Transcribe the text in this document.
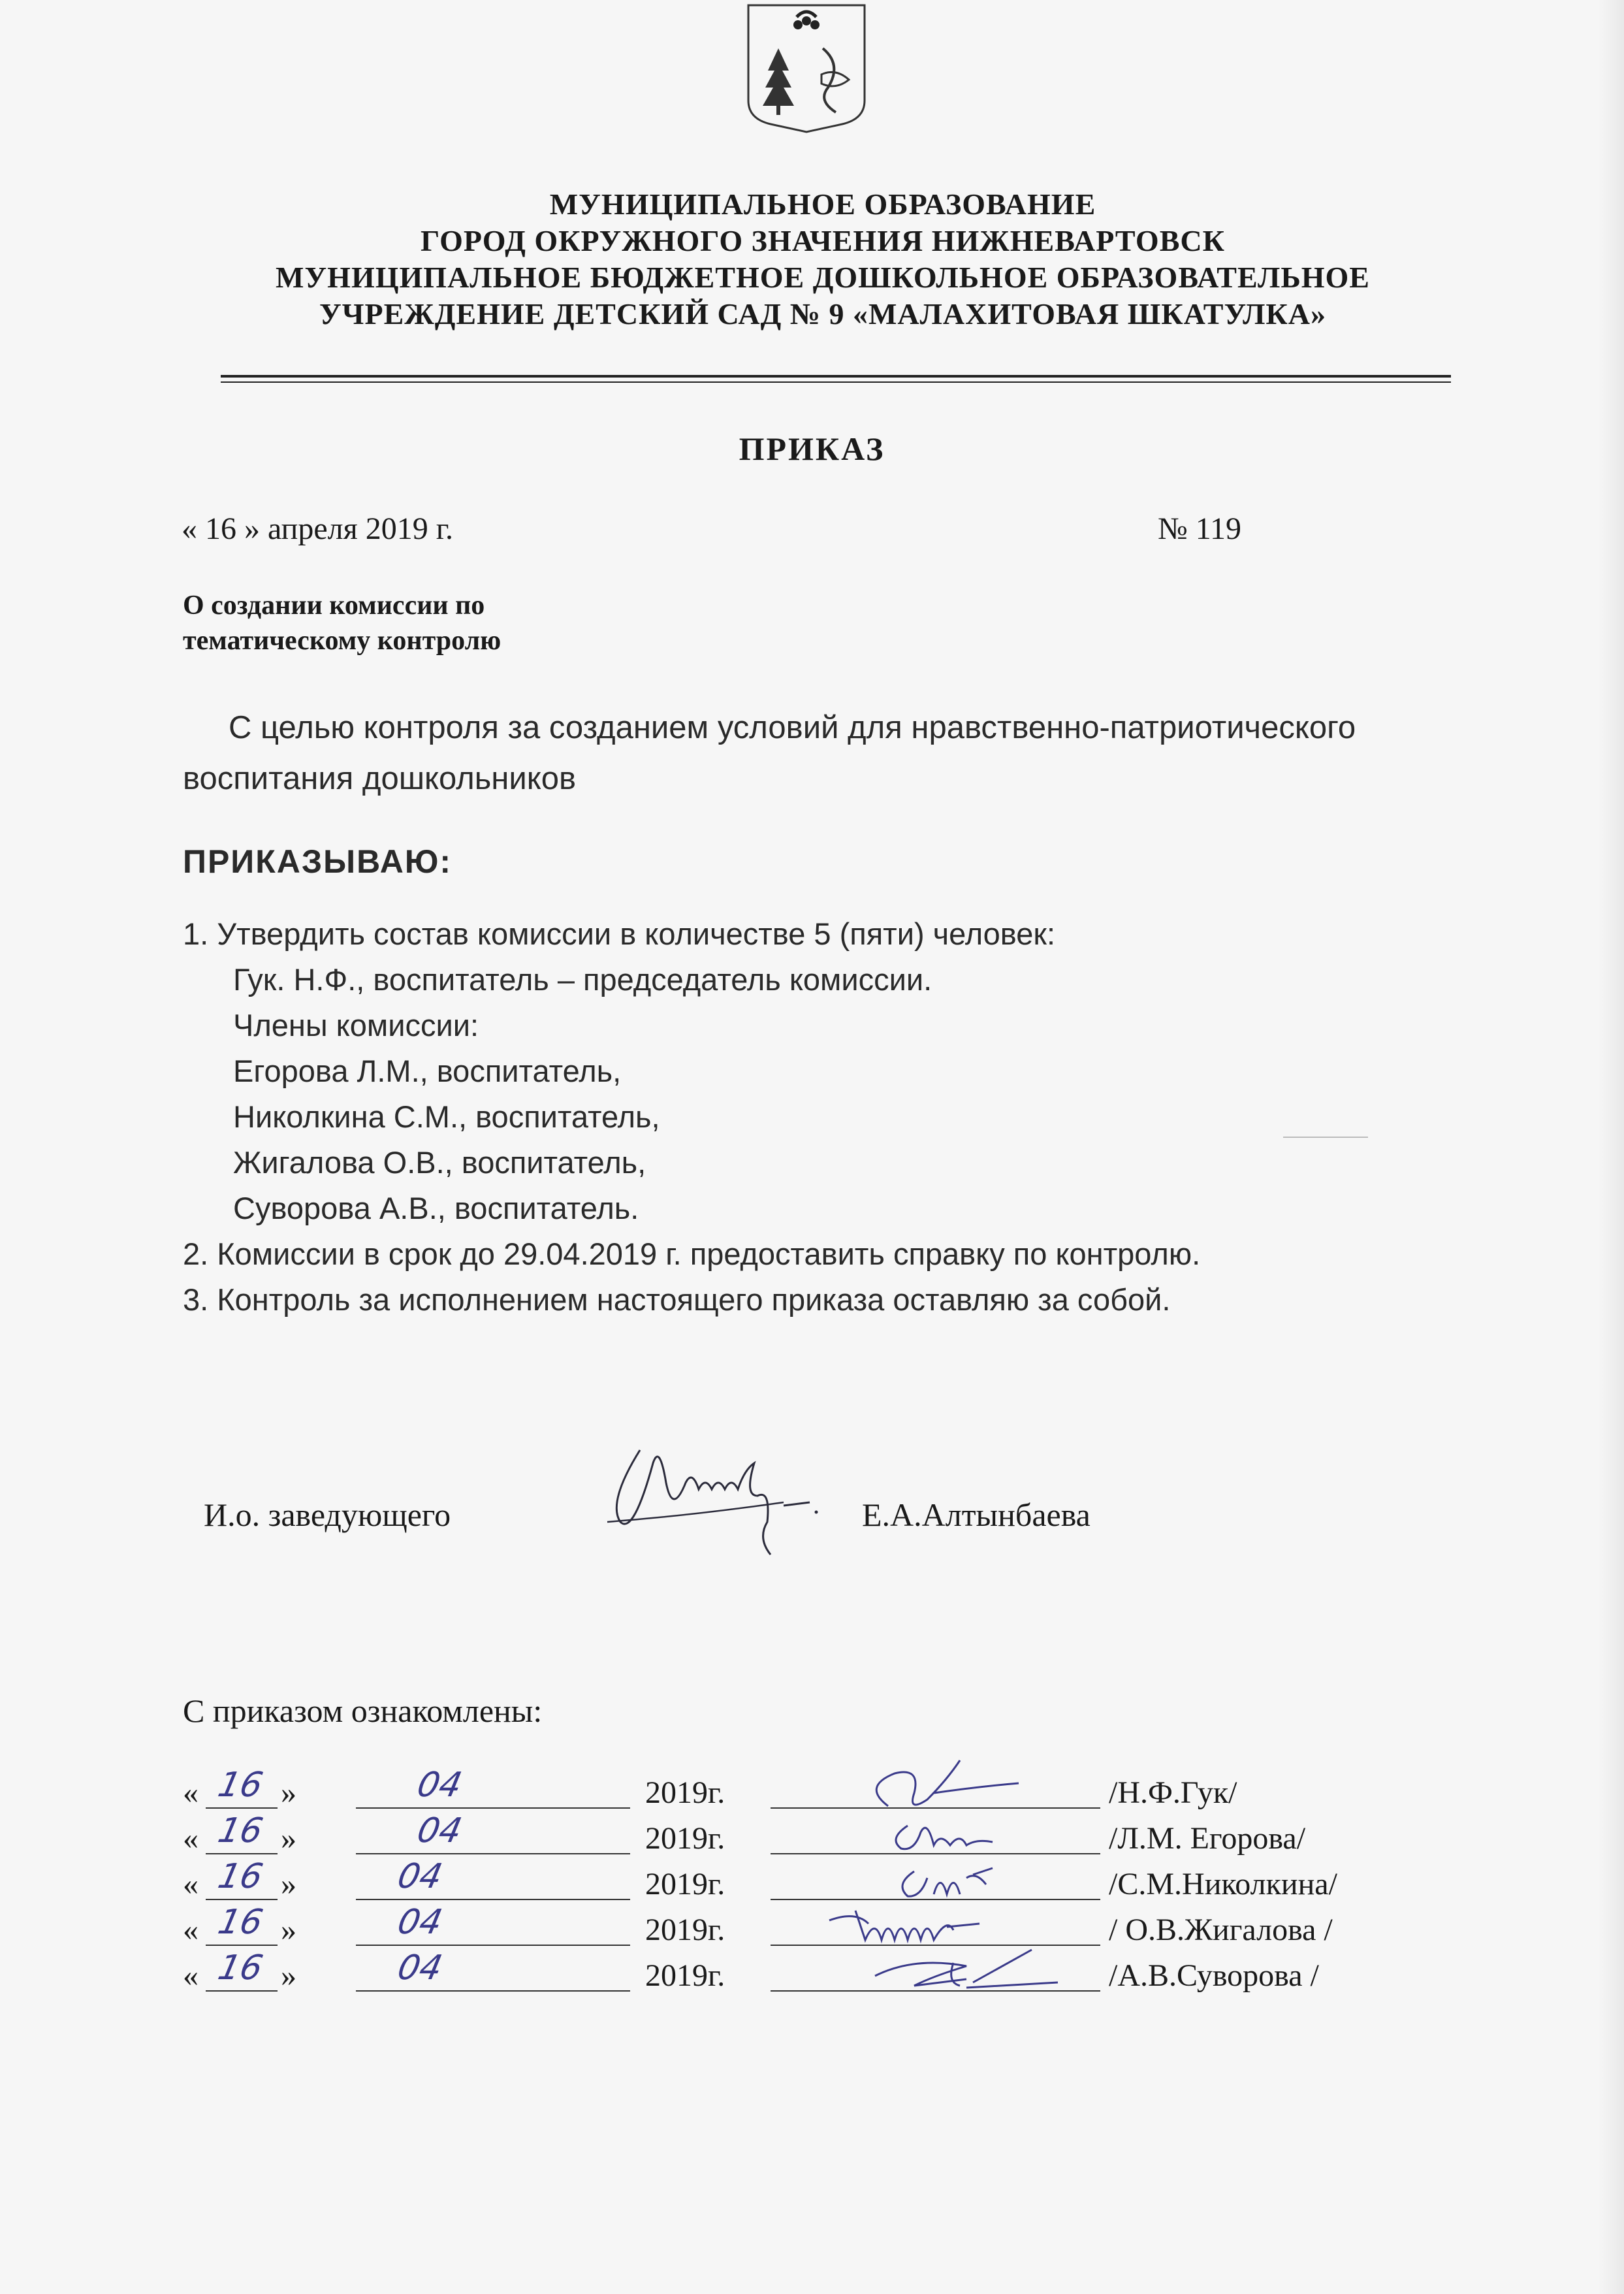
МУНИЦИПАЛЬНОЕ ОБРАЗОВАНИЕ
ГОРОД ОКРУЖНОГО ЗНАЧЕНИЯ НИЖНЕВАРТОВСК
МУНИЦИПАЛЬНОЕ БЮДЖЕТНОЕ ДОШКОЛЬНОЕ ОБРАЗОВАТЕЛЬНОЕ
УЧРЕЖДЕНИЕ ДЕТСКИЙ САД № 9 «МАЛАХИТОВАЯ ШКАТУЛКА»
ПРИКАЗ
« 16 » апреля 2019 г.	№ 119
О создании комиссии по
тематическому контролю
С целью контроля за созданием условий для нравственно-патриотического воспитания дошкольников
ПРИКАЗЫВАЮ:
1. Утвердить состав комиссии в количестве 5 (пяти) человек:
Гук. Н.Ф., воспитатель – председатель комиссии.
Члены комиссии:
Егорова Л.М., воспитатель,
Николкина С.М., воспитатель,
Жигалова О.В., воспитатель,
Суворова А.В., воспитатель.
2. Комиссии в срок до 29.04.2019 г. предоставить справку по контролю.
3. Контроль за исполнением настоящего приказа оставляю за собой.
И.о. заведующего	Е.А.Алтынбаева
С приказом ознакомлены:
« 16 »	04	2019г.	/Н.Ф.Гук/
« 16 »	04	2019г.	/Л.М. Егорова/
« 16 »	04	2019г.	/С.М.Николкина/
« 16 »	04	2019г.	/ О.В.Жигалова /
« 16 »	04	2019г.	/А.В.Суворова /
